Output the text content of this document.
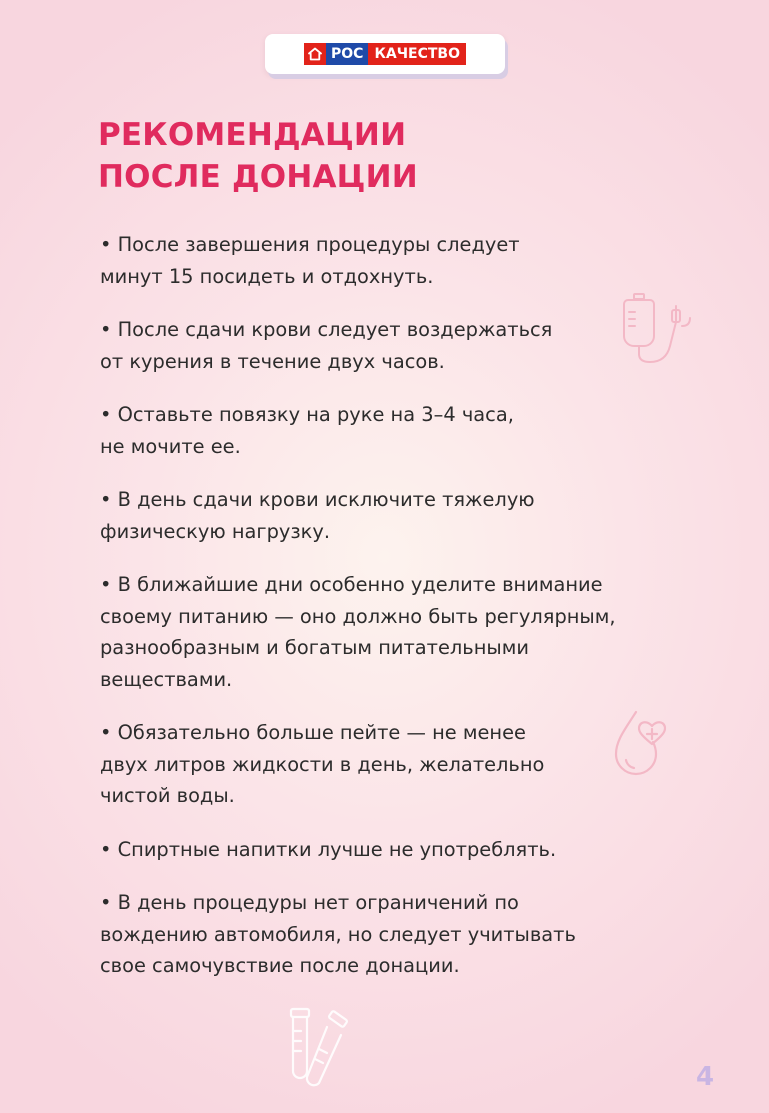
РОС КАЧЕСТВО
РЕКОМЕНДАЦИИ
ПОСЛЕ ДОНАЦИИ
• После завершения процедуры следует
минут 15 посидеть и отдохнуть.
• После сдачи крови следует воздержаться
от курения в течение двух часов.
• Оставьте повязку на руке на 3–4 часа,
не мочите ее.
• В день сдачи крови исключите тяжелую
физическую нагрузку.
• В ближайшие дни особенно уделите внимание
своему питанию — оно должно быть регулярным,
разнообразным и богатым питательными
веществами.
• Обязательно больше пейте — не менее
двух литров жидкости в день, желательно
чистой воды.
• Спиртные напитки лучше не употреблять.
• В день процедуры нет ограничений по
вождению автомобиля, но следует учитывать
свое самочувствие после донации.
4
